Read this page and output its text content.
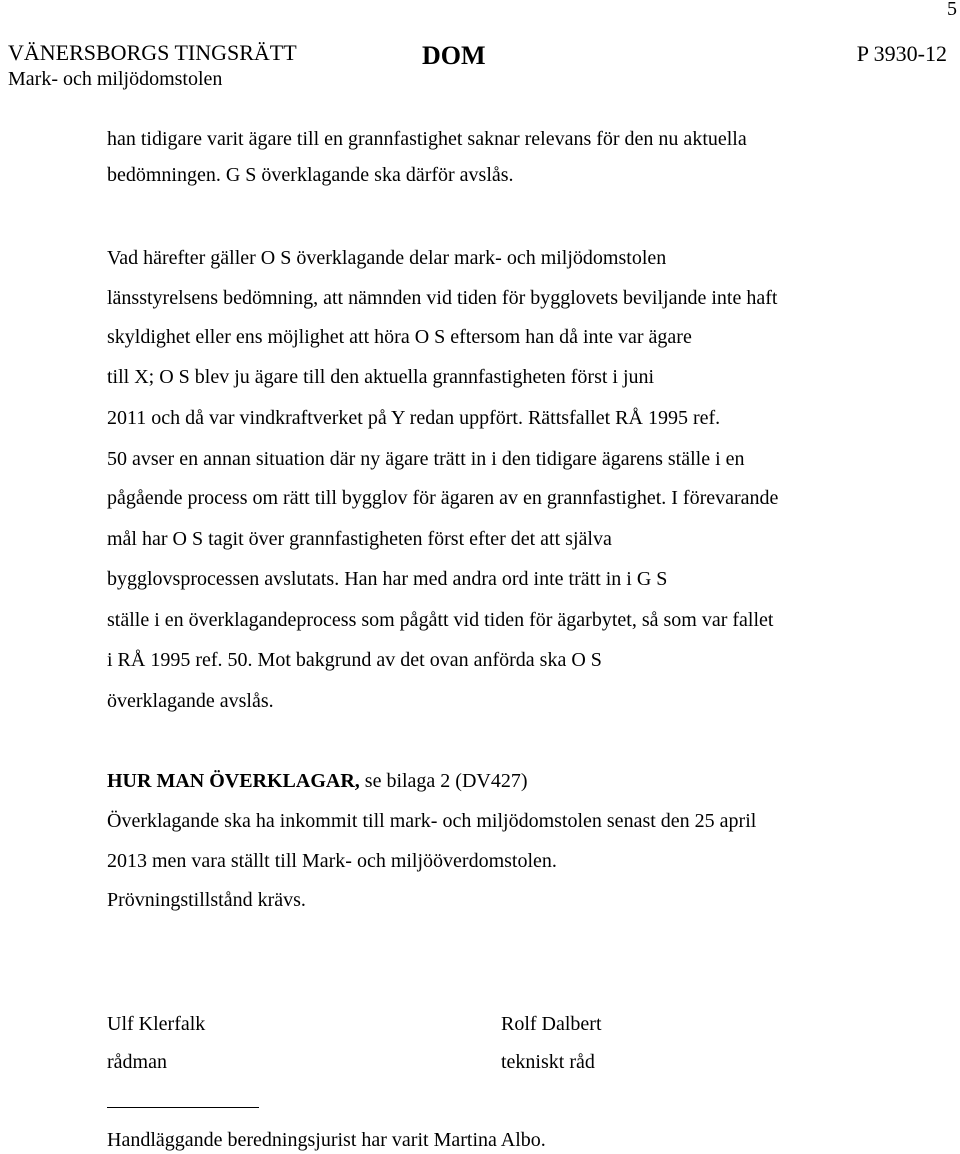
5
VÄNERSBORGS TINGSRÄTT
Mark- och miljödomstolen
DOM	P 3930-12
han tidigare varit ägare till en grannfastighet saknar relevans för den nu aktuella
bedömningen. G S överklagande ska därför avslås.
Vad härefter gäller O S överklagande delar mark- och miljödomstolen
länsstyrelsens bedömning, att nämnden vid tiden för bygglovets beviljande inte haft
skyldighet eller ens möjlighet att höra O S eftersom han då inte var ägare
till X; O S blev ju ägare till den aktuella grannfastigheten först i juni
2011 och då var vindkraftverket på Y redan uppfört. Rättsfallet RÅ 1995 ref.
50 avser en annan situation där ny ägare trätt in i den tidigare ägarens ställe i en
pågående process om rätt till bygglov för ägaren av en grannfastighet. I förevarande
mål har O S tagit över grannfastigheten först efter det att själva
bygglovsprocessen avslutats. Han har med andra ord inte trätt in i G S
ställe i en överklagandeprocess som pågått vid tiden för ägarbytet, så som var fallet
i RÅ 1995 ref. 50. Mot bakgrund av det ovan anförda ska O S
överklagande avslås.
HUR MAN ÖVERKLAGAR, se bilaga 2 (DV427)
Överklagande ska ha inkommit till mark- och miljödomstolen senast den 25 april
2013 men vara ställt till Mark- och miljööverdomstolen.
Prövningstillstånd krävs.
Ulf Klerfalk
rådman
Rolf Dalbert
tekniskt råd
Handläggande beredningsjurist har varit Martina Albo.
